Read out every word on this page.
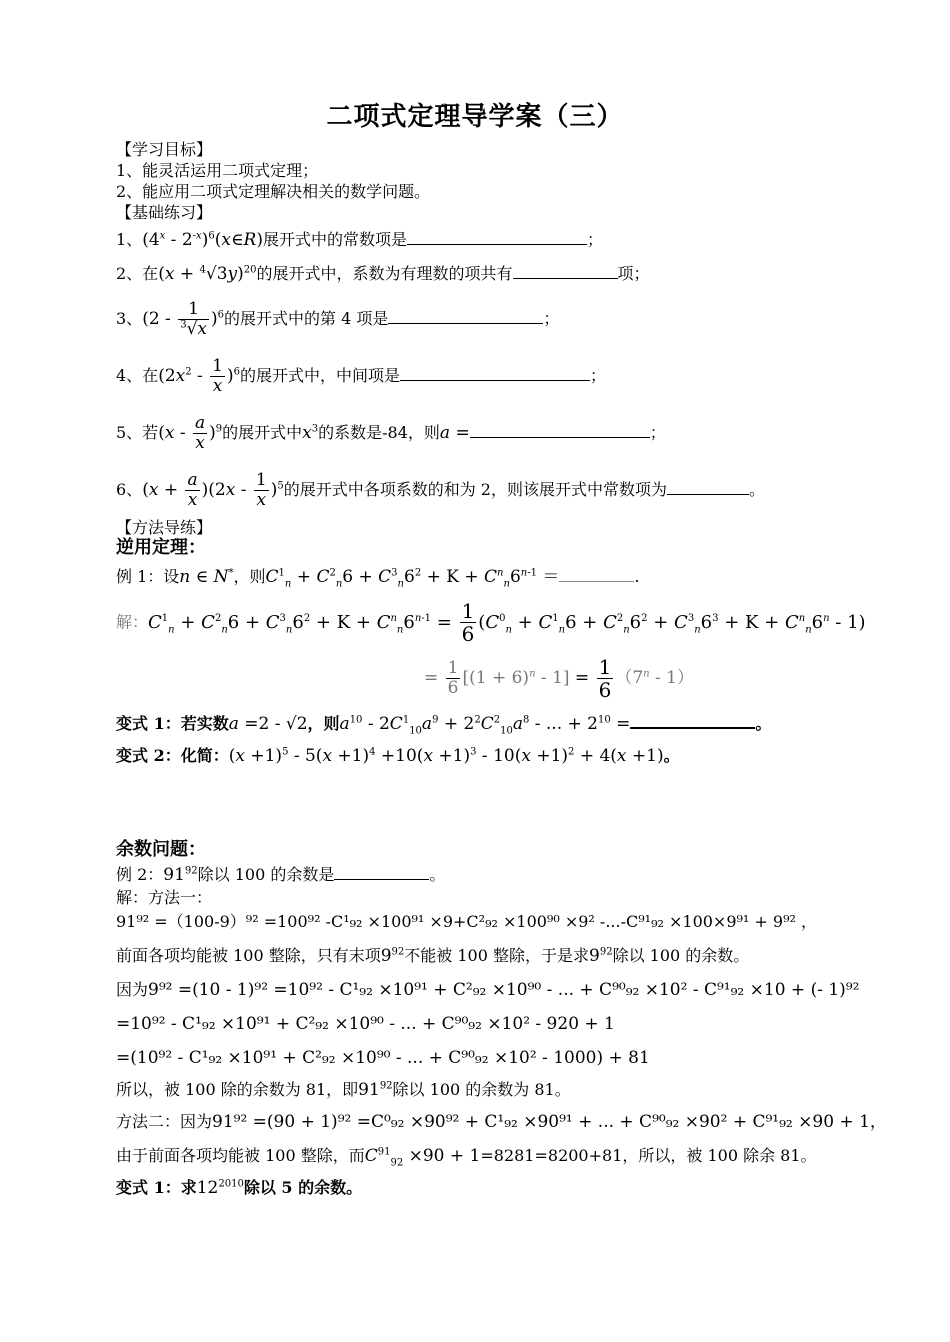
二项式定理导学案（三）
【学习目标】
1、能灵活运用二项式定理；
2、能应用二项式定理解决相关的数学问题。
【基础练习】
1、$(4^x - 2^{-x})^6(x\in R)$展开式中的常数项是	；
2、在$(x + ^4√3y)^{20}$的展开式中，系数为有理数的项共有	项；
3、$(2 - \frac{1}{^3√x} )^6$的展开式中的第 4 项是	；
4、在$(2x^2 - \frac{1}{x} )^6$的展开式中，中间项是	；
5、若$(x - \frac{a}{x} )^9$的展开式中$x^3$的系数是-84，则a =	；
6、$(x + \frac{a}{x} )(2x - \frac{1}{x} )^5$的展开式中各项系数的和为 2，则该展开式中常数项为	。
【方法导练】
逆用定理：
例 1：设n ∈ N*，则$C^1_n + C^2_n6 + C^3_n6^2 + K + C^n_n6^{n-1}$ ＝	.
解：$C^1_n + C^2_n6 + C^3_n6^2 + K + C^n_n6^{n-1} = \frac{1}{6} (C^0_n + C^1_n6 + C^2_n6^2 + C^3_n6^3 + K + C^n_n6^n - 1)$
= $\frac{1}{6} [(1 + 6)^n - 1] = \frac{1}{6} (7^n - 1)$
变式 1：若实数a =2 - √2，则$a^{10} - 2C^1_{10}a^9 + 2^2C^2_{10}a^8$ - ... + $2^{10}$ =	。
变式 2：化简：$(x +1)^5 - 5(x +1)^4 +10(x +1)^3 - 10(x +1)^2 + 4(x +1)$。
余数问题：
例 2：$91^{92}$除以 100 的余数是	。
解：方法一：
91⁹² =（100-9）⁹² =100⁹² -C¹₉₂ ×100⁹¹ ×9+C²₉₂ ×100⁹⁰ ×9² -...-C⁹¹₉₂ ×100×9⁹¹ + 9⁹² ，
前面各项均能被 100 整除，只有末项$9^{92}$不能被 100 整除，于是求$9^{92}$除以 100 的余数。
因为9⁹² =(10 - 1)⁹² =10⁹² - C¹₉₂ ×10⁹¹ + C²₉₂ ×10⁹⁰ - ... + C⁹⁰₉₂ ×10² - C⁹¹₉₂ ×10 + (- 1)⁹²
=10⁹² - C¹₉₂ ×10⁹¹ + C²₉₂ ×10⁹⁰ - ... + C⁹⁰₉₂ ×10² - 920 + 1
=(10⁹² - C¹₉₂ ×10⁹¹ + C²₉₂ ×10⁹⁰ - ... + C⁹⁰₉₂ ×10² - 1000) + 81
所以，被 100 除的余数为 81，即$91^{92}$除以 100 的余数为 81。
方法二：因为91⁹² =(90 + 1)⁹² =C⁰₉₂ ×90⁹² + C¹₉₂ ×90⁹¹ + ... + C⁹⁰₉₂ ×90² + C⁹¹₉₂ ×90 + 1，
由于前面各项均能被 100 整除，而$C^{91}_{92} \times 90 + 1=8281=8200+81$，所以，被 100 除余 81。
变式 1：求$12^{2010}$除以 5 的余数。
